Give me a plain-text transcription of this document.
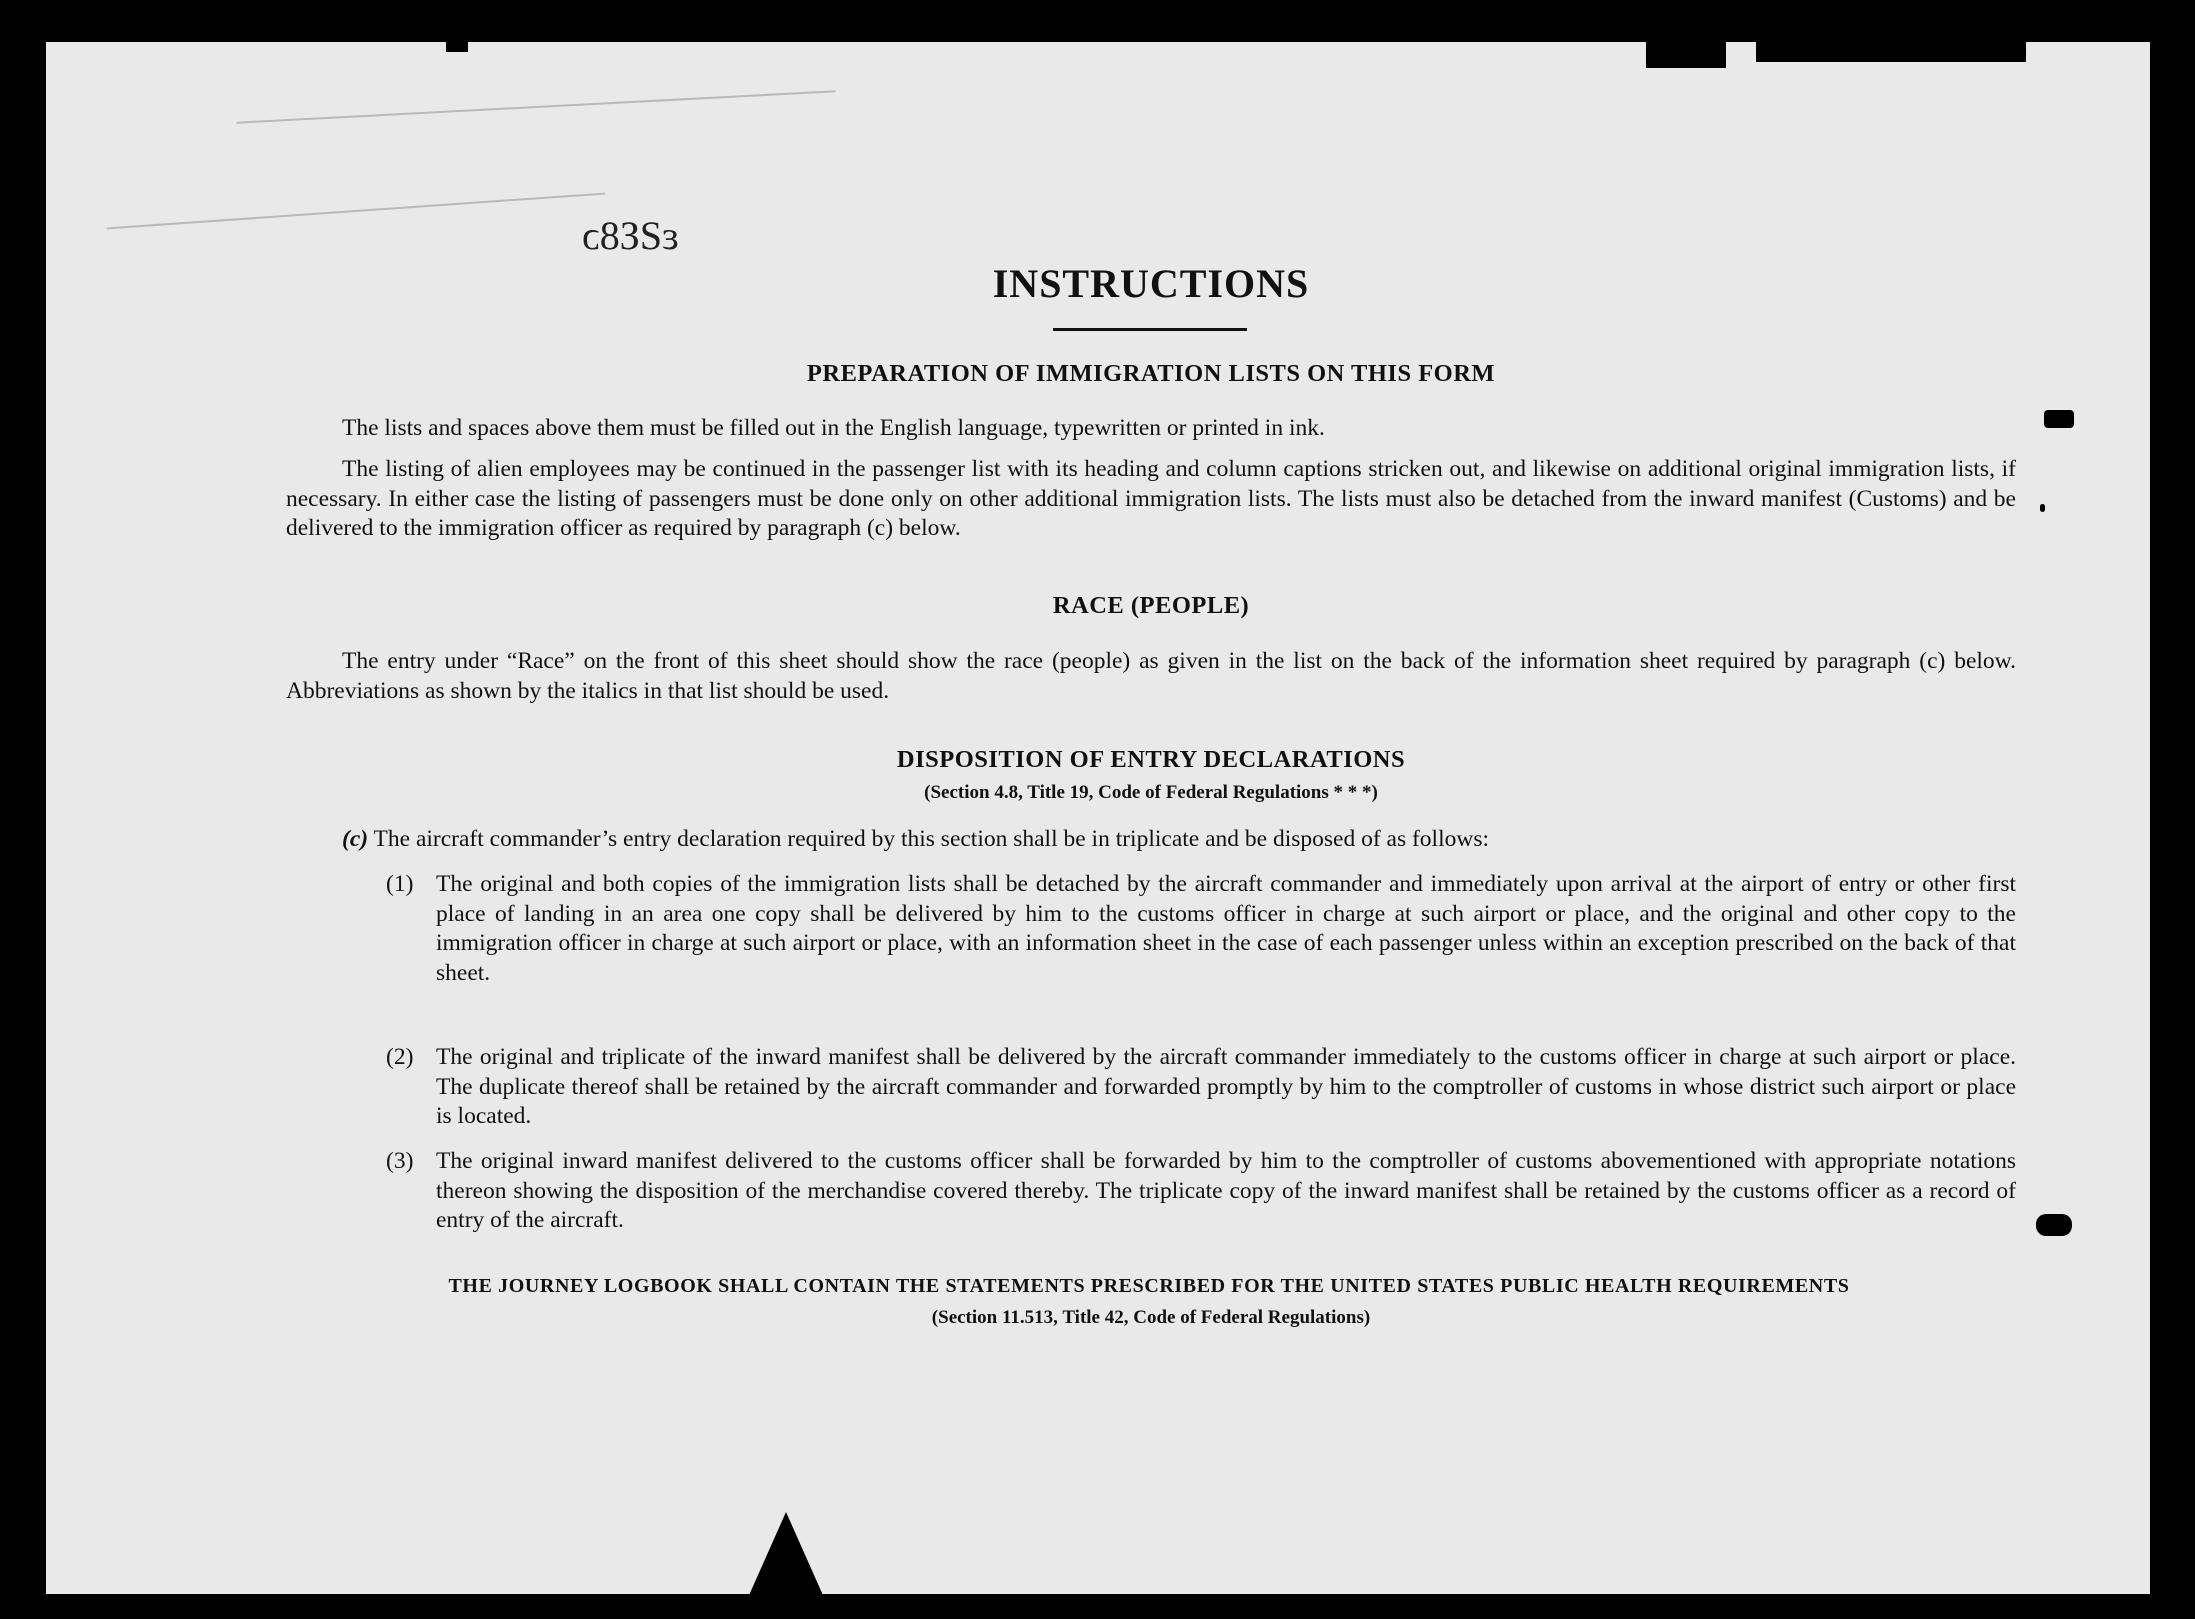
ɛƧƐ8ɔ
INSTRUCTIONS
PREPARATION OF IMMIGRATION LISTS ON THIS FORM

The lists and spaces above them must be filled out in the English language, typewritten or printed in ink.

The listing of alien employees may be continued in the passenger list with its heading and column captions stricken out, and likewise on additional original immigration lists, if necessary. In either case the listing of passengers must be done only on other additional immigration lists. The lists must also be detached from the inward manifest (Customs) and be delivered to the immigration officer as required by paragraph (c) below.

RACE (PEOPLE)

The entry under “Race” on the front of this sheet should show the race (people) as given in the list on the back of the information sheet required by paragraph (c) below. Abbreviations as shown by the italics in that list should be used.

DISPOSITION OF ENTRY DECLARATIONS
(Section 4.8, Title 19, Code of Federal Regulations * * *)

(c) The aircraft commander’s entry declaration required by this section shall be in triplicate and be disposed of as follows:

(1) The original and both copies of the immigration lists shall be detached by the aircraft commander and immediately upon arrival at the airport of entry or other first place of landing in an area one copy shall be delivered by him to the customs officer in charge at such airport or place, and the original and other copy to the immigration officer in charge at such airport or place, with an information sheet in the case of each passenger unless within an exception prescribed on the back of that sheet.
(2) The original and triplicate of the inward manifest shall be delivered by the aircraft commander immediately to the customs officer in charge at such airport or place. The duplicate thereof shall be retained by the aircraft commander and forwarded promptly by him to the comptroller of customs in whose district such airport or place is located.
(3) The original inward manifest delivered to the customs officer shall be forwarded by him to the comptroller of customs abovementioned with appropriate notations thereon showing the disposition of the merchandise covered thereby. The triplicate copy of the inward manifest shall be retained by the customs officer as a record of entry of the aircraft.
THE JOURNEY LOGBOOK SHALL CONTAIN THE STATEMENTS PRESCRIBED FOR THE UNITED STATES PUBLIC HEALTH REQUIREMENTS
(Section 11.513, Title 42, Code of Federal Regulations)
